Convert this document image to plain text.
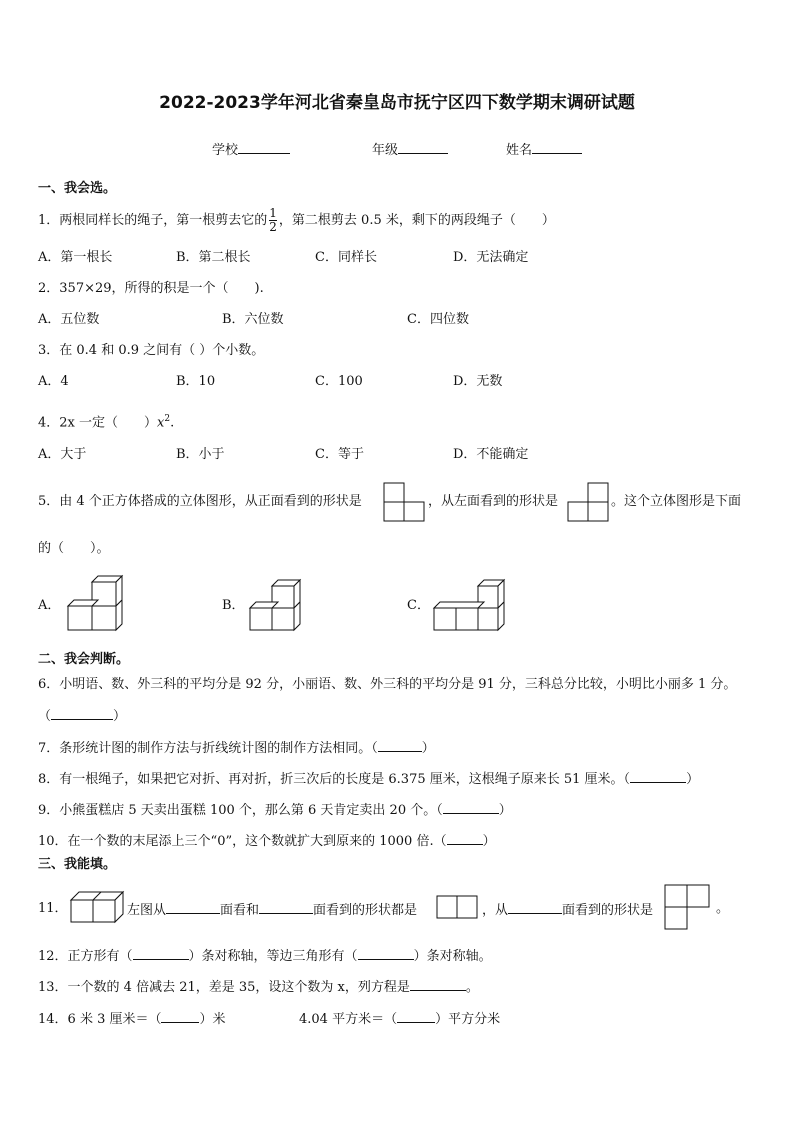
2022-2023学年河北省秦皇岛市抚宁区四下数学期末调研试题
学校	年级	姓名
一、我会选。
1．两根同样长的绳子，第一根剪去它的 $\frac{1}{2}$ ，第二根剪去 0.5 米，剩下的两段绳子（　　）
A．第一根长	B．第二根长	C．同样长	D．无法确定
2．357×29，所得的积是一个（　　).
A．五位数	B．六位数	C．四位数
3．在 0.4 和 0.9 之间有（ ）个小数。
A．4	B．10	C．100	D．无数
4．2x 一定（　　）$x^2$.
A．大于	B．小于	C．等于	D．不能确定
5．由 4 个正方体搭成的立体图形，从正面看到的形状是	，从左面看到的形状是	。这个立体图形是下面
的（　　）。
A．	B．	C．
二、我会判断。
6．小明语、数、外三科的平均分是 92 分，小丽语、数、外三科的平均分是 91 分，三科总分比较，小明比小丽多 1 分。
（	）
7．条形统计图的制作方法与折线统计图的制作方法相同。（	）
8．有一根绳子，如果把它对折、再对折，折三次后的长度是 6.375 厘米，这根绳子原来长 51 厘米。（	）
9．小熊蛋糕店 5 天卖出蛋糕 100 个，那么第 6 天肯定卖出 20 个。（	）
10．在一个数的末尾添上三个“0”，这个数就扩大到原来的 1000 倍.（	）
三、我能填。
11．	左图从	面看和	面看到的形状都是	，从	面看到的形状是	。
12．正方形有（	）条对称轴，等边三角形有（	）条对称轴。
13．一个数的 4 倍减去 21，差是 35，设这个数为 x，列方程是	。
14．6 米 3 厘米＝（	）米	4.04 平方米＝（	）平方分米
